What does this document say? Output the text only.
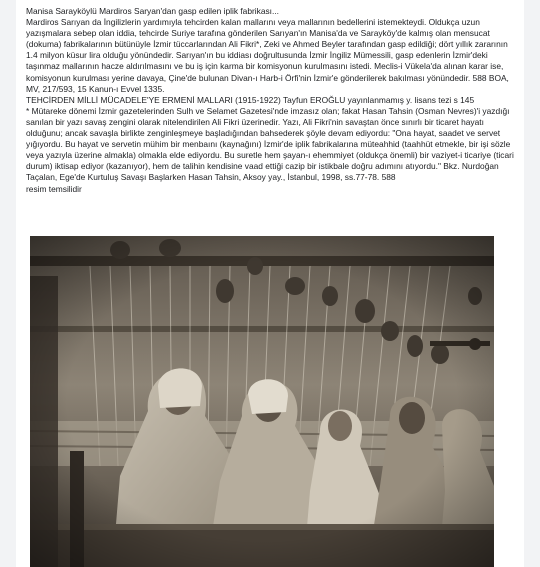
Manisa Sarayköylü Mardiros Saryan'dan gasp edilen iplik fabrikası...

Mardiros Sarıyan da İngilizlerin yardımıyla tehcirden kalan mallarını veya mallarının bedellerini istemekteydi. Oldukça uzun yazışmalara sebep olan iddia, tehcirde Suriye tarafına gönderilen Sarıyan'ın Manisa'da ve Sarayköy'de kalmış olan mensucat (dokuma) fabrikalarının bütünüyle İzmir tüccarlarından Ali Fikri*, Zeki ve Ahmed Beyler tarafından gasp edildiği; dört yıllık zararının 1.4 milyon küsur lira olduğu yönündedir. Sarıyan'ın bu iddiası doğrultusunda İzmir İngiliz Mümessili, gasp edenlerin İzmir'deki taşınmaz mallarının hacze aldırılmasını ve bu iş için karma bir komisyonun kurulmasını istedi. Meclis-i Vükela'da alınan karar ise, komisyonun kurulması yerine davaya, Çine'de bulunan Divan-ı Harb-i Örfi'nin İzmir'e gönderilerek bakılması yönündedir. 588 BOA, MV, 217/593, 15 Kanun-ı Evvel 1335.

TEHCİRDEN MİLLİ MÜCADELE'YE ERMENİ MALLARI (1915-1922) Tayfun EROĞLU yayınlanmamış y. lisans tezi s 145

* Mütareke dönemi İzmir gazetelerinden Sulh ve Selamet Gazetesi'nde imzasız olan; fakat Hasan Tahsin (Osman Nevres)'i yazdığı sanılan bir yazı savaş zengini olarak nitelendirilen Ali Fikri üzerinedir. Yazı, Ali Fikri'nin savaştan önce sınırlı bir ticaret hayatı olduğunu; ancak savaşla birlikte zenginleşmeye başladığından bahsederek şöyle devam ediyordu: "Ona hayat, saadet ve servet yığıyordu. Bu hayat ve servetin mühim bir menbaını (kaynağını) İzmir'de iplik fabrikalarına müteahhid (taahhüt etmekle, bir işi sözle veya yazıyla üzerine almakla) olmakla elde ediyordu. Bu suretle hem şayan-ı ehemmiyet (oldukça önemli) bir vaziyet-i ticariye (ticari durum) iktisap ediyor (kazanıyor), hem de talihin kendisine vaad ettiği cazip bir istikbale doğru adımını atıyordu." Bkz. Nurdoğan Taçalan, Ege'de Kurtuluş Savaşı Başlarken Hasan Tahsin, Aksoy yay., İstanbul, 1998, ss.77-78. 588

resim temsilidir
